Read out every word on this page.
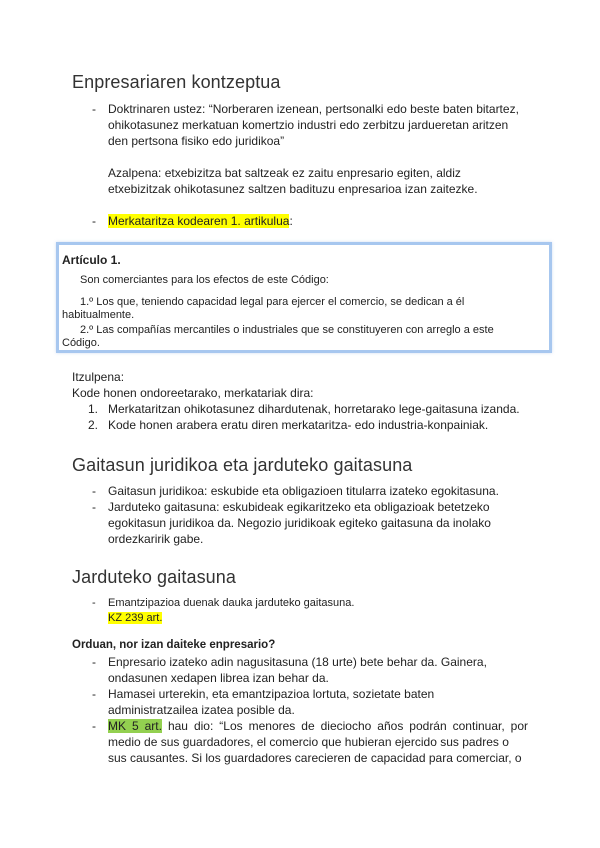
Enpresariaren kontzeptua
- Doktrinaren ustez: “Norberaren izenean, pertsonalki edo beste baten bitartez,
ohikotasunez merkatuan komertzio industri edo zerbitzu jardueretan aritzen
den pertsona fisiko edo juridikoa”
Azalpena: etxebizitza bat saltzeak ez zaitu enpresario egiten, aldiz
etxebizitzak ohikotasunez saltzen badituzu enpresarioa izan zaitezke.
- Merkataritza kodearen 1. artikulua:
Artículo 1.
Son comerciantes para los efectos de este Código:
1.º Los que, teniendo capacidad legal para ejercer el comercio, se dedican a él
habitualmente.
2.º Las compañías mercantiles o industriales que se constituyeren con arreglo a este
Código.
Itzulpena:
Kode honen ondoreetarako, merkatariak dira:
1. Merkataritzan ohikotasunez dihardutenak, horretarako lege-gaitasuna izanda.
2. Kode honen arabera eratu diren merkataritza- edo industria-konpainiak.
Gaitasun juridikoa eta jarduteko gaitasuna
- Gaitasun juridikoa: eskubide eta obligazioen titularra izateko egokitasuna.
- Jarduteko gaitasuna: eskubideak egikaritzeko eta obligazioak betetzeko
egokitasun juridikoa da. Negozio juridikoak egiteko gaitasuna da inolako
ordezkaririk gabe.
Jarduteko gaitasuna
- Emantzipazioa duenak dauka jarduteko gaitasuna.
KZ 239 art.
Orduan, nor izan daiteke enpresario?
- Enpresario izateko adin nagusitasuna (18 urte) bete behar da. Gainera,
ondasunen xedapen librea izan behar da.
- Hamasei urterekin, eta emantzipazioa lortuta, sozietate baten
administratzailea izatea posible da.
- MK 5 art. hau dio: “Los menores de dieciocho años podrán continuar, por
medio de sus guardadores, el comercio que hubieran ejercido sus padres o
sus causantes. Si los guardadores carecieren de capacidad para comerciar, o
